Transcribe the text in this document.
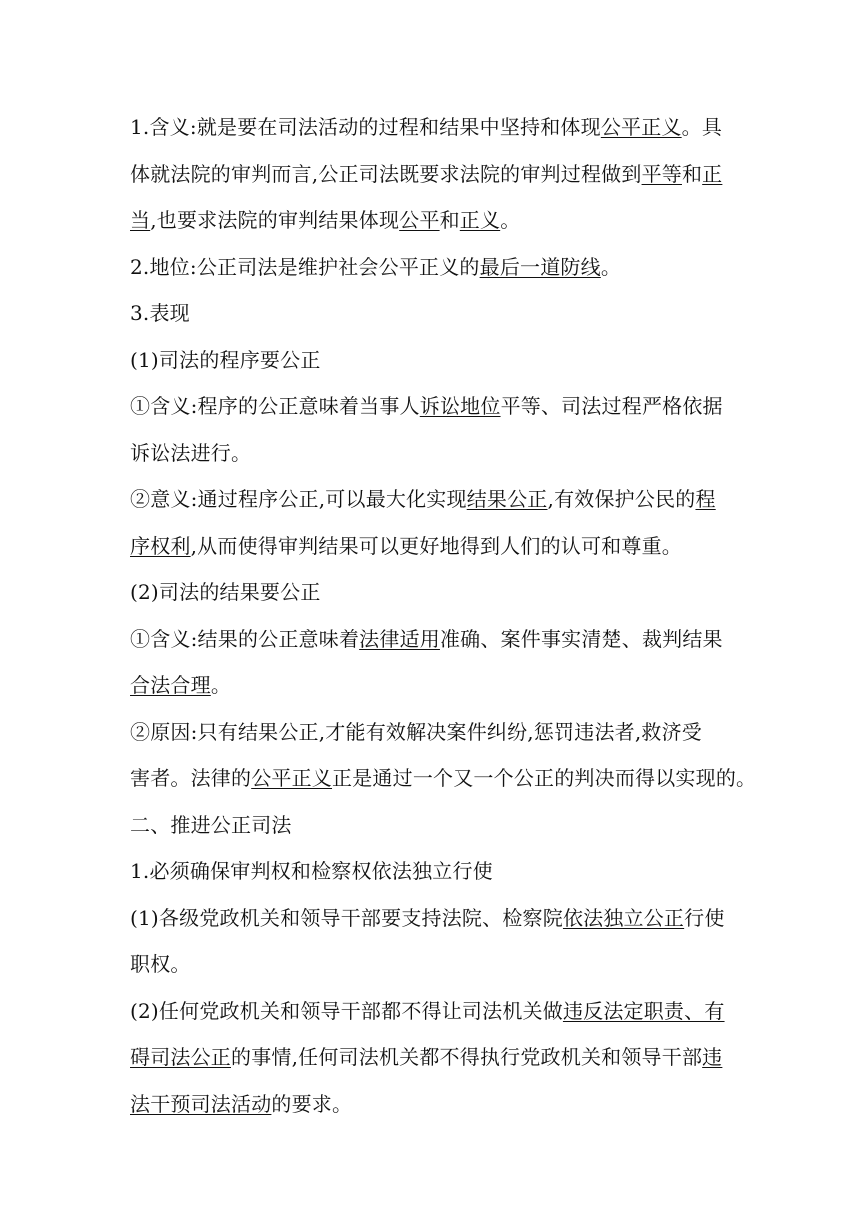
1.含义:就是要在司法活动的过程和结果中坚持和体现公平正义。具
体就法院的审判而言,公正司法既要求法院的审判过程做到平等和正
当,也要求法院的审判结果体现公平和正义。
2.地位:公正司法是维护社会公平正义的最后一道防线。
3.表现
(1)司法的程序要公正
①含义:程序的公正意味着当事人诉讼地位平等、司法过程严格依据
诉讼法进行。
②意义:通过程序公正,可以最大化实现结果公正,有效保护公民的程
序权利,从而使得审判结果可以更好地得到人们的认可和尊重。
(2)司法的结果要公正
①含义:结果的公正意味着法律适用准确、案件事实清楚、裁判结果
合法合理。
②原因:只有结果公正,才能有效解决案件纠纷,惩罚违法者,救济受
害者。法律的公平正义正是通过一个又一个公正的判决而得以实现的。
二、推进公正司法
1.必须确保审判权和检察权依法独立行使
(1)各级党政机关和领导干部要支持法院、检察院依法独立公正行使
职权。
(2)任何党政机关和领导干部都不得让司法机关做违反法定职责、有
碍司法公正的事情,任何司法机关都不得执行党政机关和领导干部违
法干预司法活动的要求。
